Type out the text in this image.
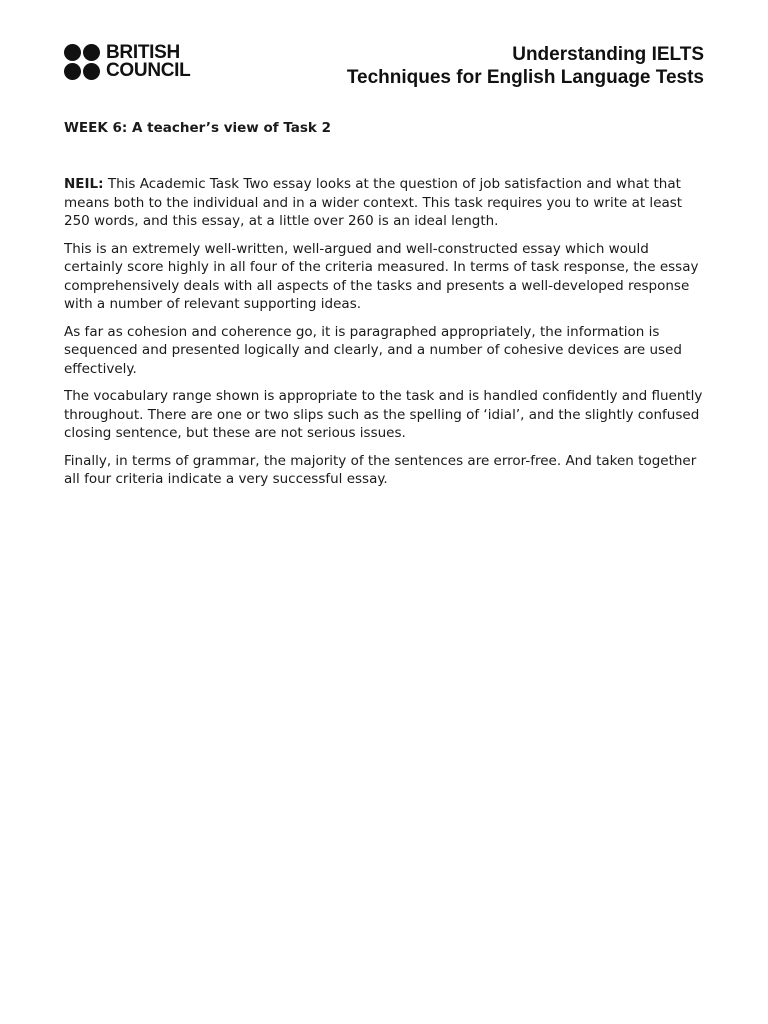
BRITISH
COUNCIL
Understanding IELTS
Techniques for English Language Tests
WEEK 6: A teacher’s view of Task 2

NEIL: This Academic Task Two essay looks at the question of job satisfaction and what that means both to the individual and in a wider context. This task requires you to write at least 250 words, and this essay, at a little over 260 is an ideal length.

This is an extremely well-written, well-argued and well-constructed essay which would certainly score highly in all four of the criteria measured. In terms of task response, the essay comprehensively deals with all aspects of the tasks and presents a well-developed response with a number of relevant supporting ideas.

As far as cohesion and coherence go, it is paragraphed appropriately, the information is sequenced and presented logically and clearly, and a number of cohesive devices are used effectively.

The vocabulary range shown is appropriate to the task and is handled confidently and fluently throughout. There are one or two slips such as the spelling of ‘idial’, and the slightly confused closing sentence, but these are not serious issues.

Finally, in terms of grammar, the majority of the sentences are error-free. And taken together all four criteria indicate a very successful essay.
